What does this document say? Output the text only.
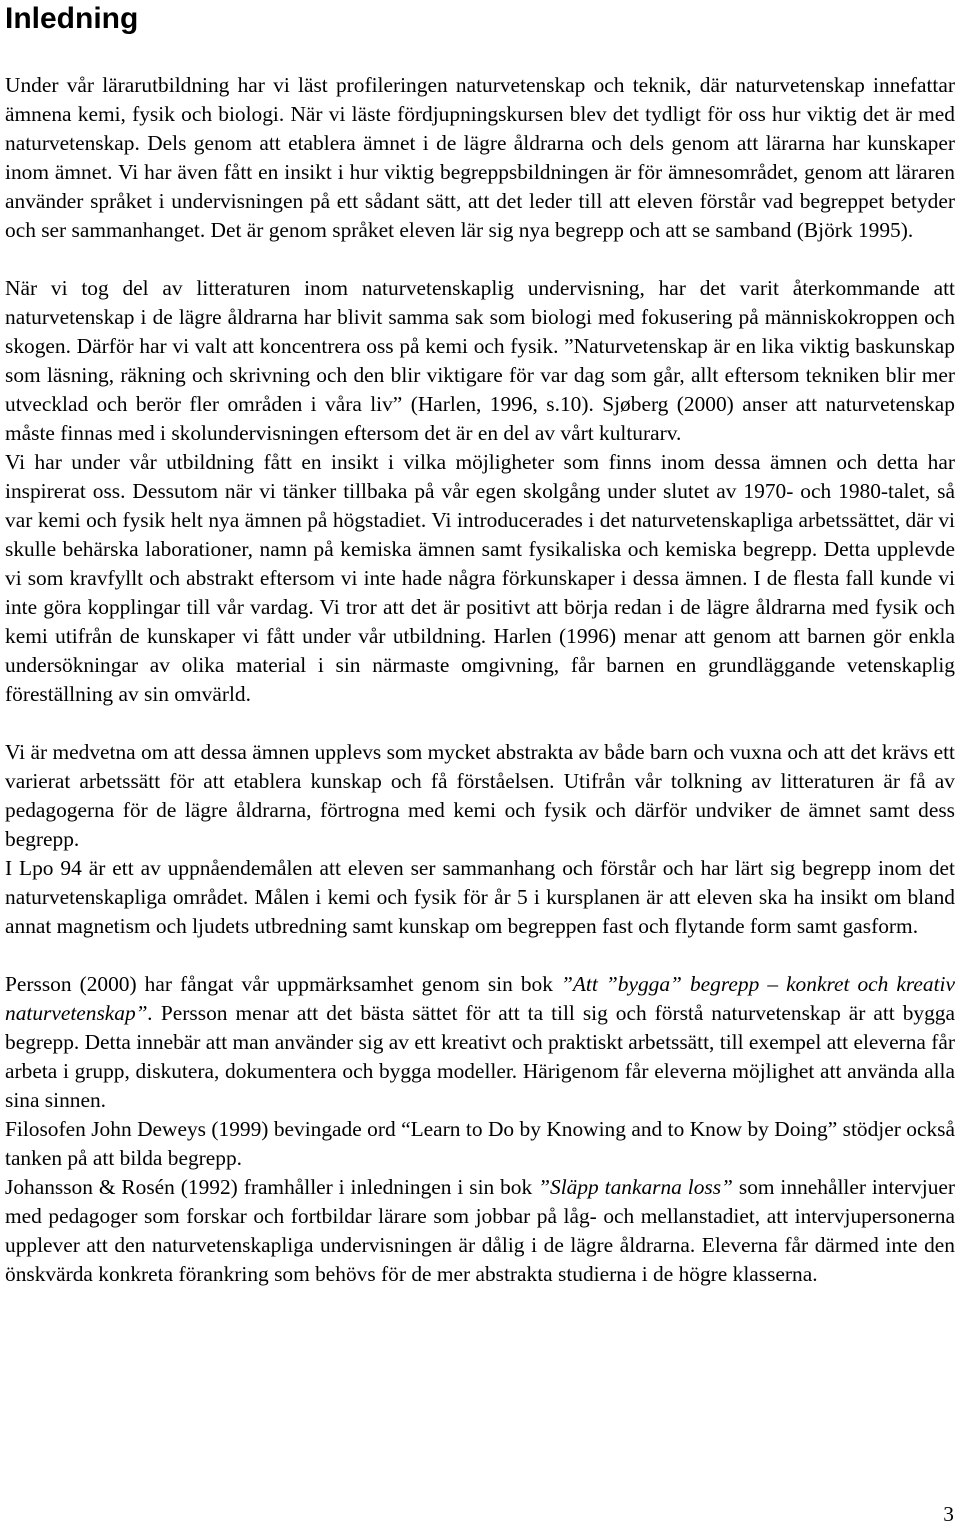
Inledning

Under vår lärarutbildning har vi läst profileringen naturvetenskap och teknik, där naturvetenskap innefattar ämnena kemi, fysik och biologi. När vi läste fördjupningskursen blev det tydligt för oss hur viktig det är med naturvetenskap. Dels genom att etablera ämnet i de lägre åldrarna och dels genom att lärarna har kunskaper inom ämnet. Vi har även fått en insikt i hur viktig begreppsbildningen är för ämnesområdet, genom att läraren använder språket i undervisningen på ett sådant sätt, att det leder till att eleven förstår vad begreppet betyder och ser sammanhanget. Det är genom språket eleven lär sig nya begrepp och att se samband (Björk 1995).

När vi tog del av litteraturen inom naturvetenskaplig undervisning, har det varit återkommande att naturvetenskap i de lägre åldrarna har blivit samma sak som biologi med fokusering på människokroppen och skogen. Därför har vi valt att koncentrera oss på kemi och fysik. ”Naturvetenskap är en lika viktig baskunskap som läsning, räkning och skrivning och den blir viktigare för var dag som går, allt eftersom tekniken blir mer utvecklad och berör fler områden i våra liv” (Harlen, 1996, s.10). Sjøberg (2000) anser att naturvetenskap måste finnas med i skolundervisningen eftersom det är en del av vårt kulturarv.

Vi har under vår utbildning fått en insikt i vilka möjligheter som finns inom dessa ämnen och detta har inspirerat oss. Dessutom när vi tänker tillbaka på vår egen skolgång under slutet av 1970- och 1980-talet, så var kemi och fysik helt nya ämnen på högstadiet. Vi introducerades i det naturvetenskapliga arbetssättet, där vi skulle behärska laborationer, namn på kemiska ämnen samt fysikaliska och kemiska begrepp. Detta upplevde vi som kravfyllt och abstrakt eftersom vi inte hade några förkunskaper i dessa ämnen. I de flesta fall kunde vi inte göra kopplingar till vår vardag. Vi tror att det är positivt att börja redan i de lägre åldrarna med fysik och kemi utifrån de kunskaper vi fått under vår utbildning. Harlen (1996) menar att genom att barnen gör enkla undersökningar av olika material i sin närmaste omgivning, får barnen en grundläggande vetenskaplig föreställning av sin omvärld.

Vi är medvetna om att dessa ämnen upplevs som mycket abstrakta av både barn och vuxna och att det krävs ett varierat arbetssätt för att etablera kunskap och få förståelsen. Utifrån vår tolkning av litteraturen är få av pedagogerna för de lägre åldrarna, förtrogna med kemi och fysik och därför undviker de ämnet samt dess begrepp.

I Lpo 94 är ett av uppnåendemålen att eleven ser sammanhang och förstår och har lärt sig begrepp inom det naturvetenskapliga området. Målen i kemi och fysik för år 5 i kursplanen är att eleven ska ha insikt om bland annat magnetism och ljudets utbredning samt kunskap om begreppen fast och flytande form samt gasform.

Persson (2000) har fångat vår uppmärksamhet genom sin bok ”Att ”bygga” begrepp – konkret och kreativ naturvetenskap”. Persson menar att det bästa sättet för att ta till sig och förstå naturvetenskap är att bygga begrepp. Detta innebär att man använder sig av ett kreativt och praktiskt arbetssätt, till exempel att eleverna får arbeta i grupp, diskutera, dokumentera och bygga modeller. Härigenom får eleverna möjlighet att använda alla sina sinnen.

Filosofen John Deweys (1999) bevingade ord “Learn to Do by Knowing and to Know by Doing” stödjer också tanken på att bilda begrepp.

Johansson & Rosén (1992) framhåller i inledningen i sin bok ”Släpp tankarna loss” som innehåller intervjuer med pedagoger som forskar och fortbildar lärare som jobbar på låg- och mellanstadiet, att intervjupersonerna upplever att den naturvetenskapliga undervisningen är dålig i de lägre åldrarna. Eleverna får därmed inte den önskvärda konkreta förankring som behövs för de mer abstrakta studierna i de högre klasserna.

3
